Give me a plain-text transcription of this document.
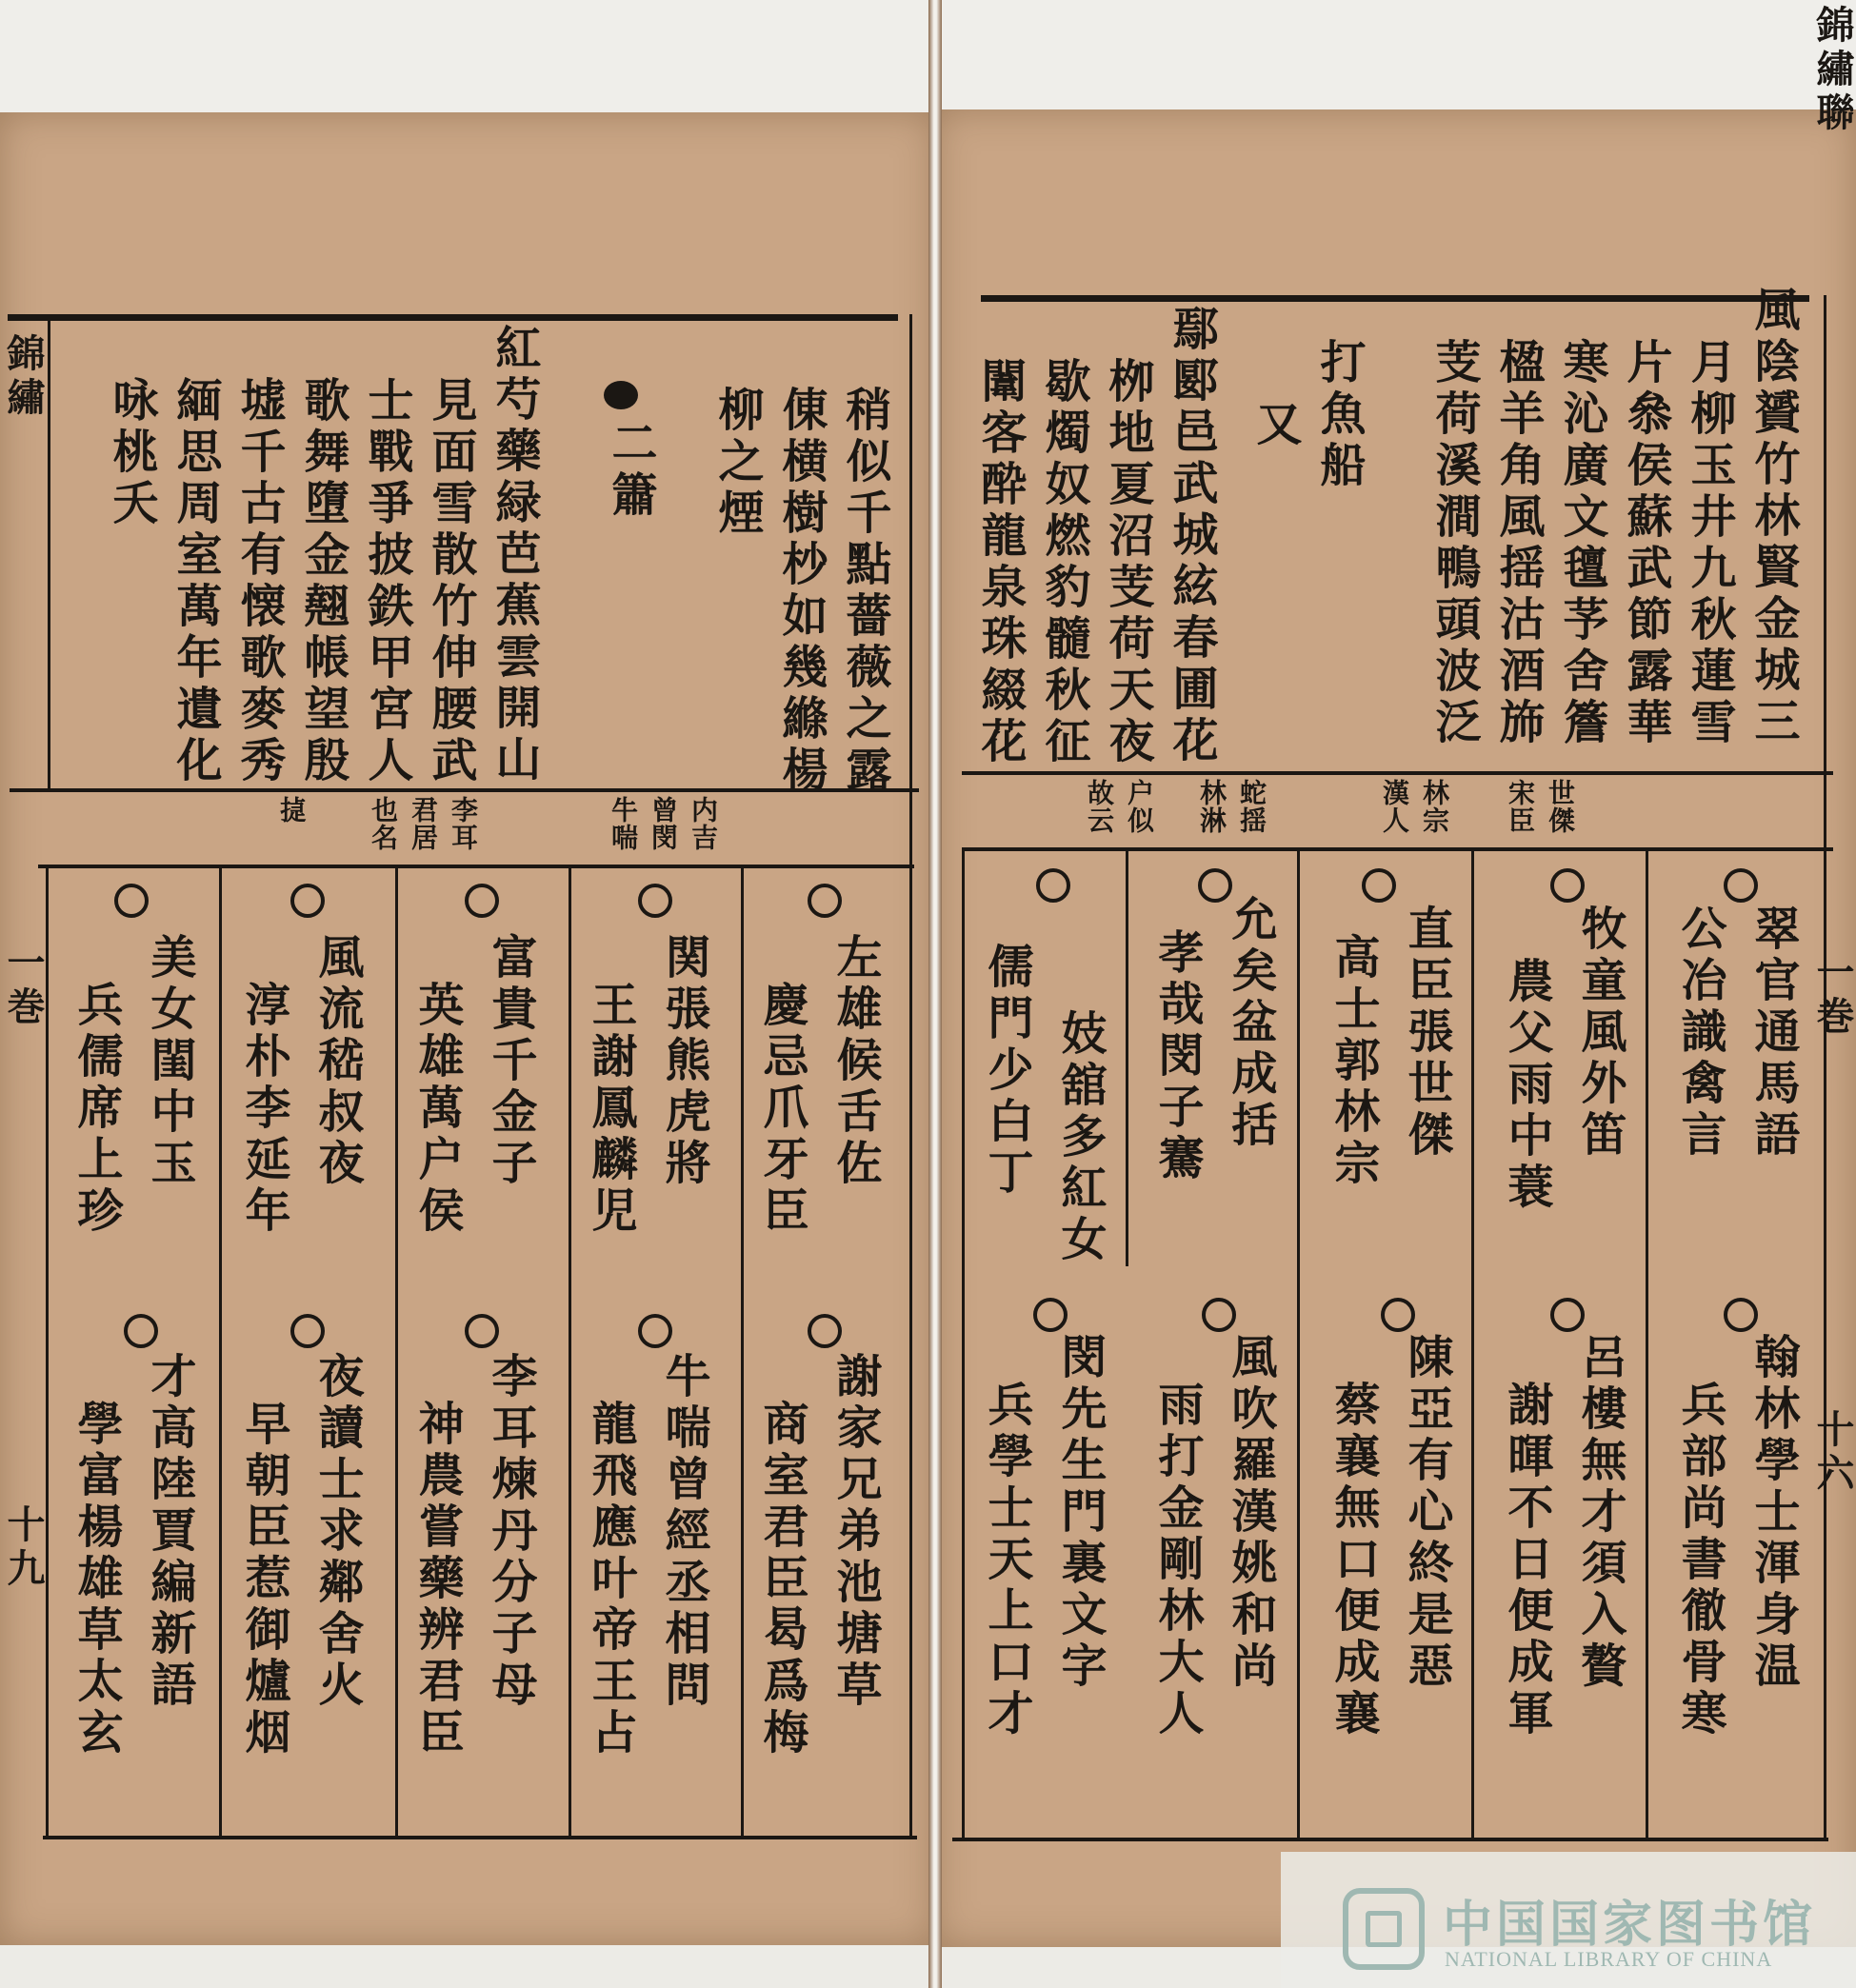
錦繡
一巻
十九
稍似千點薔薇之露
倲横樹杪如幾縧楊
柳之煙
二簫
紅芍藥緑芭蕉雲開山
見面雪散竹伸腰武
士戰爭披鉄甲宮人
歌舞墮金翹帳望殷
墟千古有懐歌麥秀
緬思周室萬年遺化
咏桃夭
内吉
曾閔
牛喘
李耳
君居
也名
㨗
左雄候舌佐
慶忌爪牙臣
関張熊虎將
王謝鳳麟児
富貴千金子
英雄萬户侯
風流嵇叔夜
淳朴李延年
美女閨中玉
兵儒席上珍
謝家兄弟池塘草
商室君臣曷爲梅
牛喘曾經丞相問
龍飛應叶帝王占
李耳煉丹分子母
神農嘗藥辨君臣
夜讀士求鄰舍火
早朝臣惹御爐烟
才高陸賈編新語
學富楊雄草太玄
錦繡聯
一巻
十六
風陰贇竹林賢金城三
月柳玉井九秋蓮雪
片叅侯蘇武節露華
寒沁廣文氊芧舍簷
楹羊角風揺沽酒斾
芰荷溪澗鴨頭波泛
打魚船
又
鄢郾邑武城絃春圃花
栁地夏沼芰荷天夜
歇燭奴燃豹髓秋征
闈客酔龍泉珠綴花
世傑
宋臣
林宗
漢人
蛇揺
林淋
户似
故云
翠官通馬語
公冶識禽言
牧童風外笛
農父雨中蓑
直臣張世傑
高士郭林宗
允矣盆成括
孝哉閔子騫
妓舘多紅女
儒門少白丁
翰林學士渾身温
兵部尚書徹骨寒
呂樓無才須入贅
謝暉不日便成軍
陳亞有心終是惡
蔡襄無口便成襄
風吹羅漢姚和尚
雨打金剛林大人
閔先生門裏文字
兵學士天上口才
中国国家图书馆
NATIONAL LIBRARY OF CHINA
